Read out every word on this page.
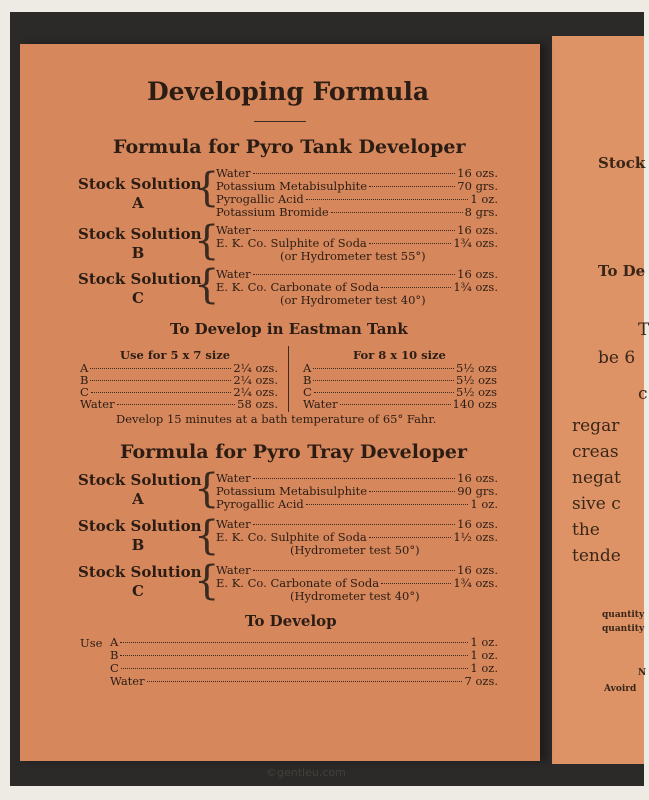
Stock
To De
T
be 6
c
regar
creas
negat
sive c
the
tende
quantity
quantity
N
Avoird
Developing Formula
Formula for Pyro Tank Developer
Stock Solution
A	{
Water	16 ozs.
Potassium Metabisulphite	70 grs.
Pyrogallic Acid	1 oz.
Potassium Bromide	8 grs.
Stock Solution
B	{
Water	16 ozs.
E. K. Co. Sulphite of Soda	1¾ ozs.
(or Hydrometer test 55°)
Stock Solution
C	{
Water	16 ozs.
E. K. Co. Carbonate of Soda	1¾ ozs.
(or Hydrometer test 40°)
To Develop in Eastman Tank
Use for 5 x 7 size
A	2¼ ozs.
B	2¼ ozs.
C	2¼ ozs.
Water	58 ozs.
For 8 x 10 size
A	5½ ozs
B	5½ ozs
C	5½ ozs
Water	140 ozs
Develop 15 minutes at a bath temperature of 65° Fahr.
Formula for Pyro Tray Developer
Stock Solution
A	{
Water	16 ozs.
Potassium Metabisulphite	90 grs.
Pyrogallic Acid	1 oz.
Stock Solution
B	{
Water	16 ozs.
E. K. Co. Sulphite of Soda	1½ ozs.
(Hydrometer test 50°)
Stock Solution
C	{
Water	16 ozs.
E. K. Co. Carbonate of Soda	1¾ ozs.
(Hydrometer test 40°)
To Develop
Use A	1 oz.
B	1 oz.
C	1 oz.
Water	7 ozs.
©gentleu.com
